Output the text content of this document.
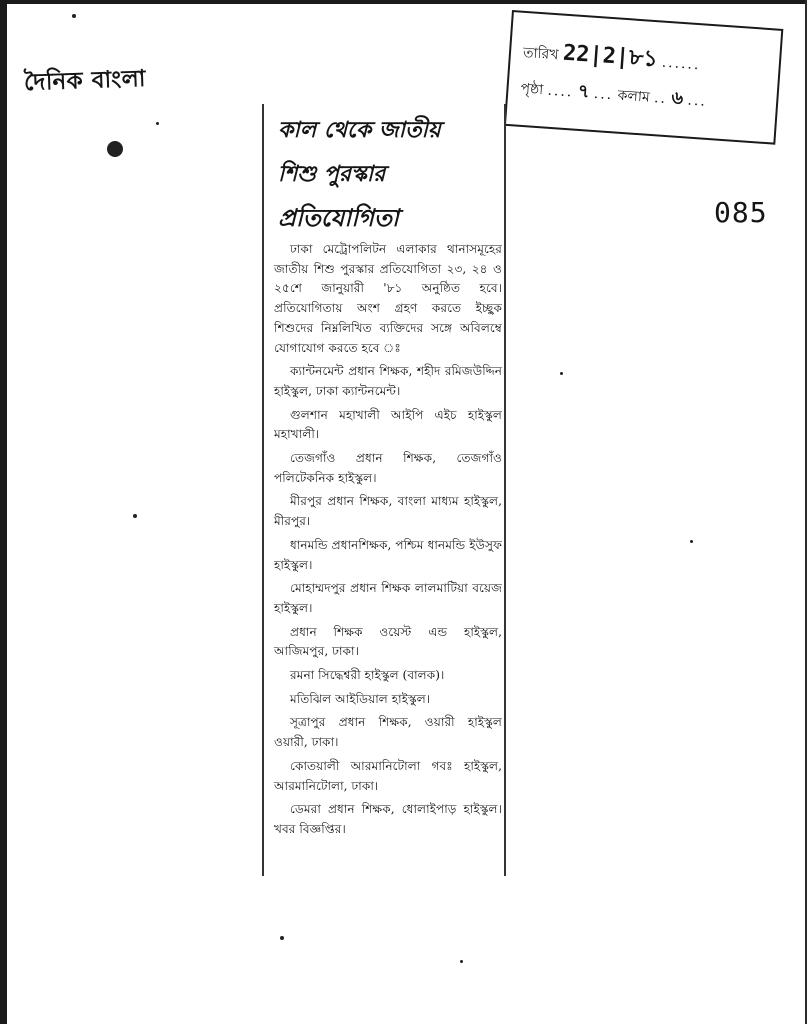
দৈনিক বাংলা
তারিখ 22|2|৮১ ......
পৃষ্ঠা .... ৭ ... কলাম .. ৬ ...
085
কাল থেকে জাতীয়
শিশু পুরস্কার
প্রতিযোগিতা

ঢাকা মেট্রোপলিটন এলাকার থানাসমূহের জাতীয় শিশু পুরস্কার প্রতিযোগিতা ২৩, ২৪ ও ২৫শে জানুয়ারী '৮১ অনুষ্ঠিত হবে। প্রতিযোগিতায় অংশ গ্রহণ করতে ইচ্ছুক শিশুদের নিম্নলিখিত ব্যক্তিদের সঙ্গে অবিলম্বে যোগাযোগ করতে হবে ঃ

ক্যান্টনমেন্ট প্রধান শিক্ষক, শহীদ রমিজউদ্দিন হাইস্কুল, ঢাকা ক্যান্টনমেন্ট।

গুলশান মহাখালী আইপি এইচ হাইস্কুল মহাখালী।

তেজগাঁও প্রধান শিক্ষক, তেজগাঁও পলিটেকনিক হাইস্কুল।

মীরপুর প্রধান শিক্ষক, বাংলা মাধ্যম হাইস্কুল, মীরপুর।

ধানমন্ডি প্রধানশিক্ষক, পশ্চিম ধানমন্ডি ইউসুফ হাইস্কুল।

মোহাম্মদপুর প্রধান শিক্ষক লালমাটিয়া বয়েজ হাইস্কুল।

প্রধান শিক্ষক ওয়েস্ট এন্ড হাইস্কুল, আজিমপুর, ঢাকা।

রমনা সিদ্ধেশ্বরী হাইস্কুল (বালক)।

মতিঝিল আইডিয়াল হাইস্কুল।

সূত্রাপুর প্রধান শিক্ষক, ওয়ারী হাইস্কুল ওয়ারী, ঢাকা।

কোতয়ালী আরমানিটোলা গবঃ হাইস্কুল, আরমানিটোলা, ঢাকা।

ডেমরা প্রধান শিক্ষক, ধোলাইপাড় হাইস্কুল। খবর বিজ্ঞপ্তির।
